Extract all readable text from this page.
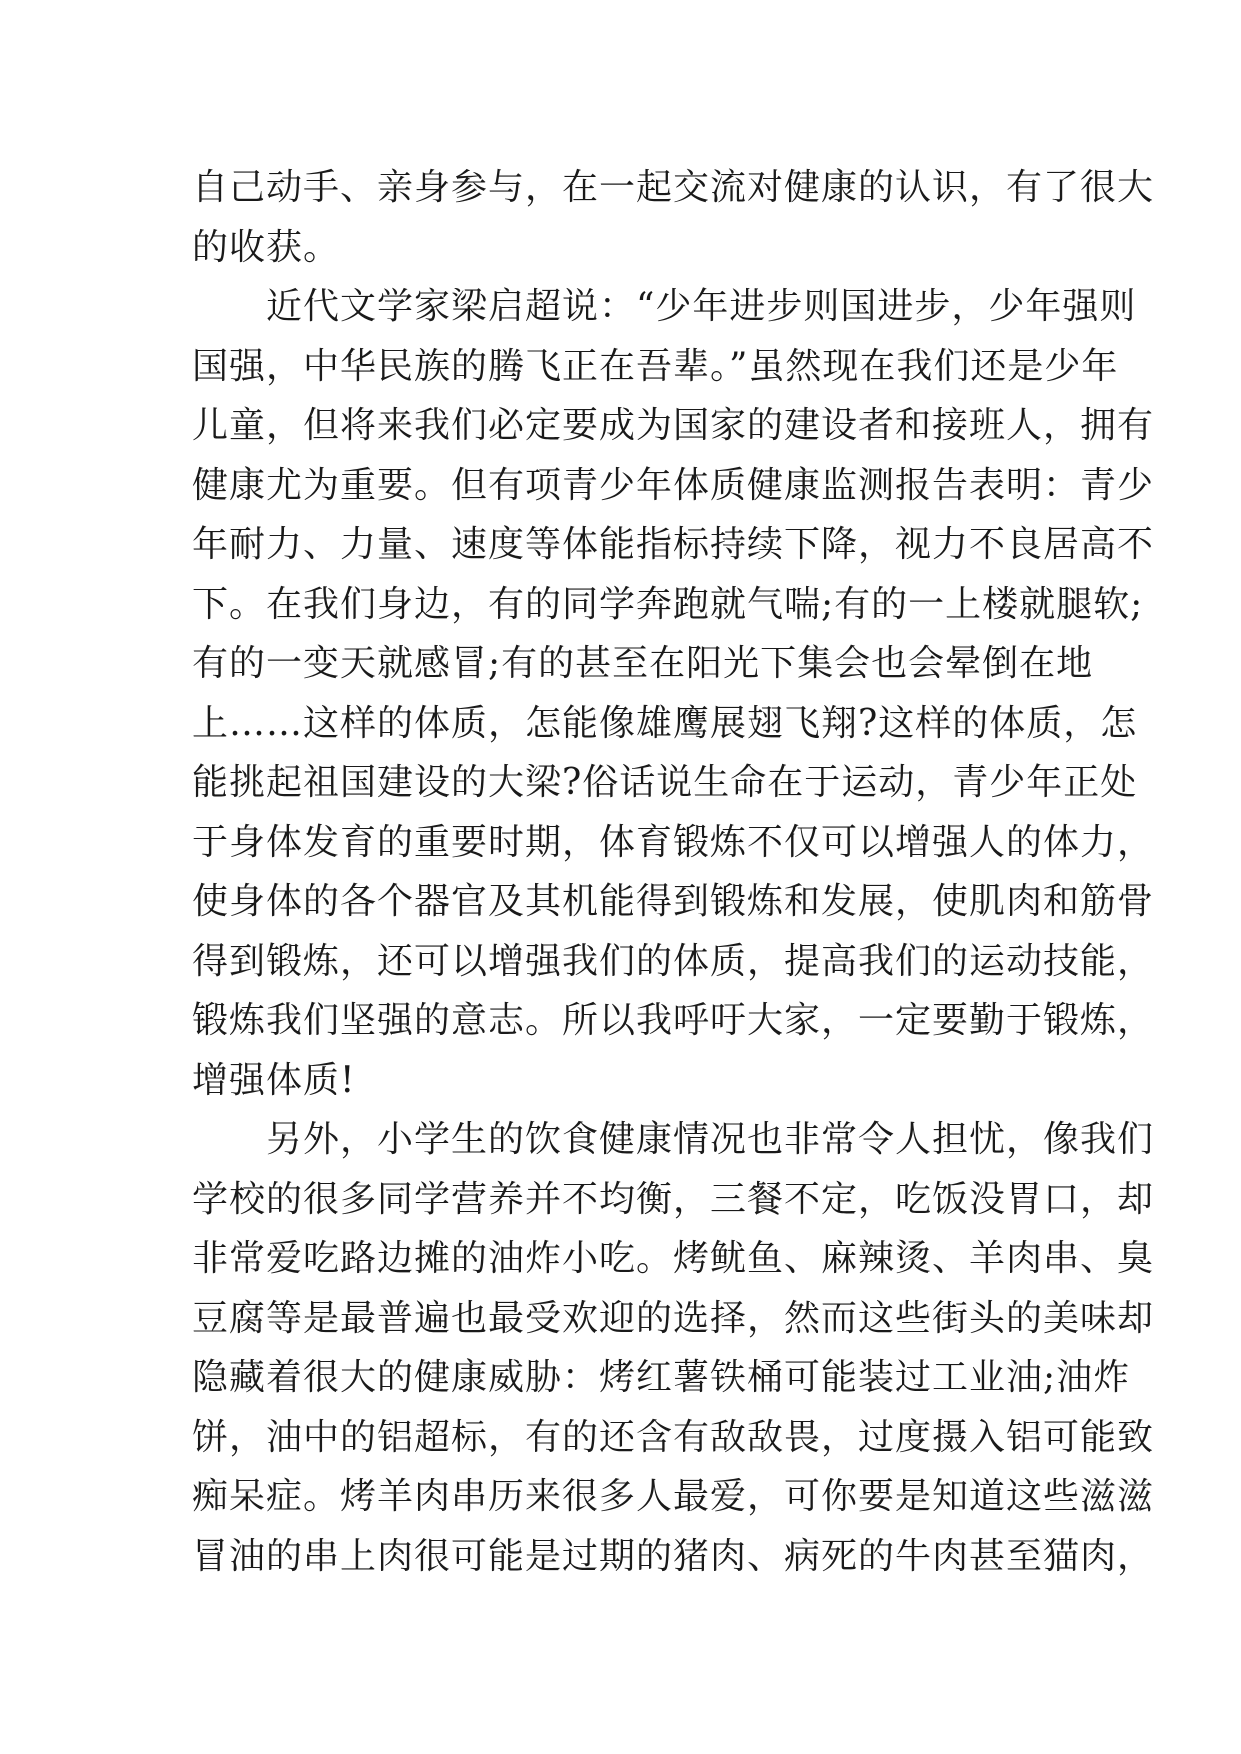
自己动手、亲身参与，在一起交流对健康的认识，有了很大
的收获。
　　近代文学家梁启超说：“少年进步则国进步，少年强则
国强，中华民族的腾飞正在吾辈。”虽然现在我们还是少年
儿童，但将来我们必定要成为国家的建设者和接班人，拥有
健康尤为重要。但有项青少年体质健康监测报告表明：青少
年耐力、力量、速度等体能指标持续下降，视力不良居高不
下。在我们身边，有的同学奔跑就气喘;有的一上楼就腿软;
有的一变天就感冒;有的甚至在阳光下集会也会晕倒在地
上……这样的体质，怎能像雄鹰展翅飞翔?这样的体质，怎
能挑起祖国建设的大梁?俗话说生命在于运动，青少年正处
于身体发育的重要时期，体育锻炼不仅可以增强人的体力，
使身体的各个器官及其机能得到锻炼和发展，使肌肉和筋骨
得到锻炼，还可以增强我们的体质，提高我们的运动技能，
锻炼我们坚强的意志。所以我呼吁大家，一定要勤于锻炼，
增强体质!
　　另外，小学生的饮食健康情况也非常令人担忧，像我们
学校的很多同学营养并不均衡，三餐不定，吃饭没胃口，却
非常爱吃路边摊的油炸小吃。烤鱿鱼、麻辣烫、羊肉串、臭
豆腐等是最普遍也最受欢迎的选择，然而这些街头的美味却
隐藏着很大的健康威胁：烤红薯铁桶可能装过工业油;油炸
饼，油中的铝超标，有的还含有敌敌畏，过度摄入铝可能致
痴呆症。烤羊肉串历来很多人最爱，可你要是知道这些滋滋
冒油的串上肉很可能是过期的猪肉、病死的牛肉甚至猫肉，
